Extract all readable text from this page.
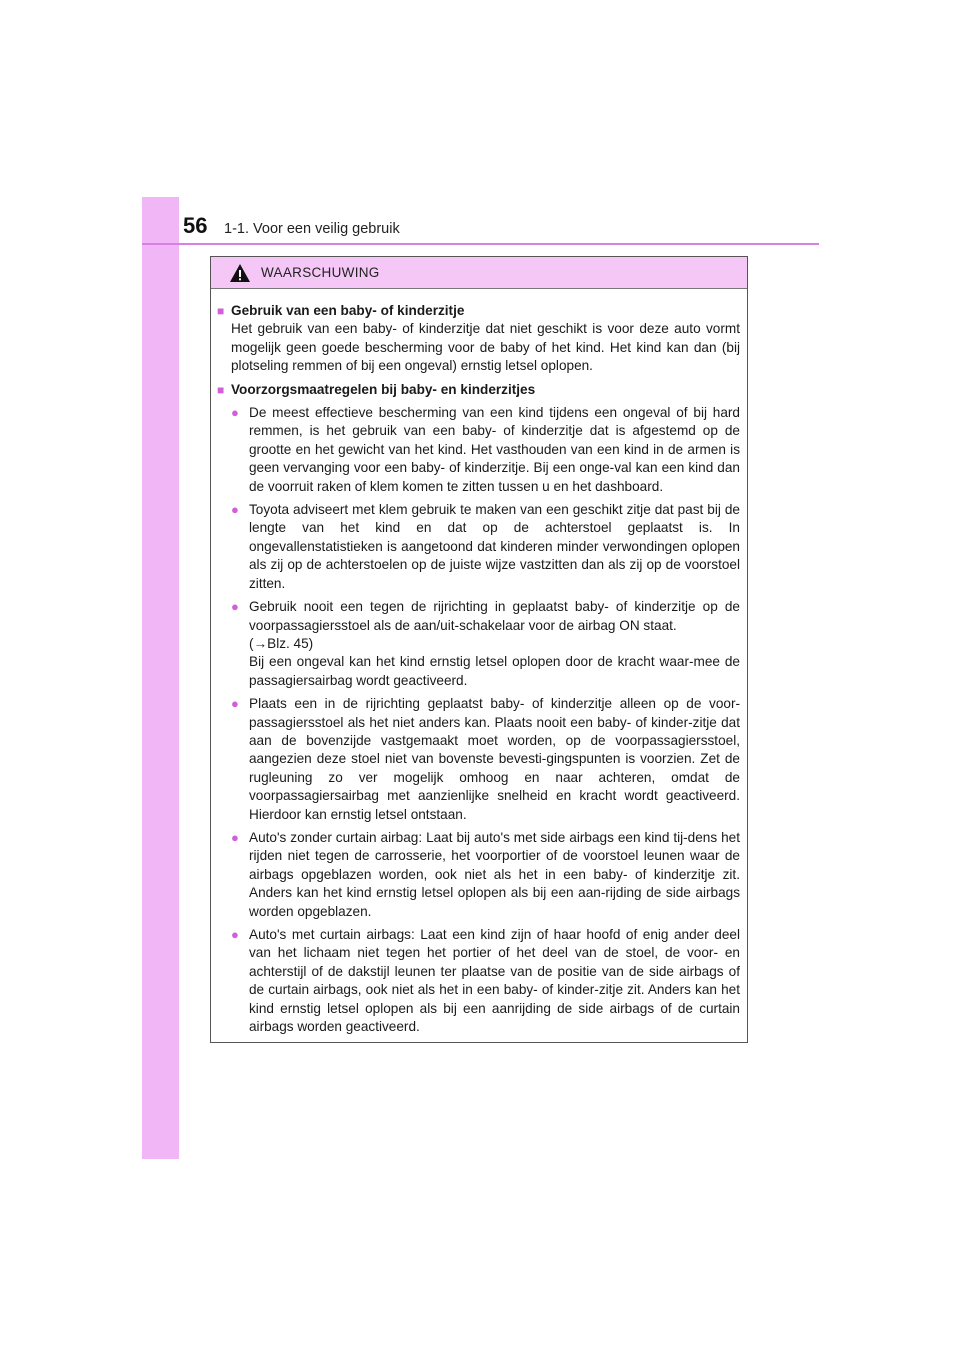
56 1-1. Voor een veilig gebruik
WAARSCHUWING
■ Gebruik van een baby- of kinderzitje
Het gebruik van een baby- of kinderzitje dat niet geschikt is voor deze auto vormt mogelijk geen goede bescherming voor de baby of het kind. Het kind kan dan (bij plotseling remmen of bij een ongeval) ernstig letsel oplopen.
■ Voorzorgsmaatregelen bij baby- en kinderzitjes
● De meest effectieve bescherming van een kind tijdens een ongeval of bij hard remmen, is het gebruik van een baby- of kinderzitje dat is afgestemd op de grootte en het gewicht van het kind. Het vasthouden van een kind in de armen is geen vervanging voor een baby- of kinderzitje. Bij een onge-val kan een kind dan de voorruit raken of klem komen te zitten tussen u en het dashboard.
● Toyota adviseert met klem gebruik te maken van een geschikt zitje dat past bij de lengte van het kind en dat op de achterstoel geplaatst is. In ongevallenstatistieken is aangetoond dat kinderen minder verwondingen oplopen als zij op de achterstoelen op de juiste wijze vastzitten dan als zij op de voorstoel zitten.
● Gebruik nooit een tegen de rijrichting in geplaatst baby- of kinderzitje op de voorpassagiersstoel als de aan/uit-schakelaar voor de airbag ON staat.
(→Blz. 45)
Bij een ongeval kan het kind ernstig letsel oplopen door de kracht waar-mee de passagiersairbag wordt geactiveerd.
● Plaats een in de rijrichting geplaatst baby- of kinderzitje alleen op de voor-passagiersstoel als het niet anders kan. Plaats nooit een baby- of kinder-zitje dat aan de bovenzijde vastgemaakt moet worden, op de voorpassagiersstoel, aangezien deze stoel niet van bovenste bevesti-gingspunten is voorzien. Zet de rugleuning zo ver mogelijk omhoog en naar achteren, omdat de voorpassagiersairbag met aanzienlijke snelheid en kracht wordt geactiveerd. Hierdoor kan ernstig letsel ontstaan.
● Auto's zonder curtain airbag: Laat bij auto's met side airbags een kind tij-dens het rijden niet tegen de carrosserie, het voorportier of de voorstoel leunen waar de airbags opgeblazen worden, ook niet als het in een baby- of kinderzitje zit. Anders kan het kind ernstig letsel oplopen als bij een aan-rijding de side airbags worden opgeblazen.
● Auto's met curtain airbags: Laat een kind zijn of haar hoofd of enig ander deel van het lichaam niet tegen het portier of het deel van de stoel, de voor- en achterstijl of de dakstijl leunen ter plaatse van de positie van de side airbags of de curtain airbags, ook niet als het in een baby- of kinder-zitje zit. Anders kan het kind ernstig letsel oplopen als bij een aanrijding de side airbags of de curtain airbags worden geactiveerd.
